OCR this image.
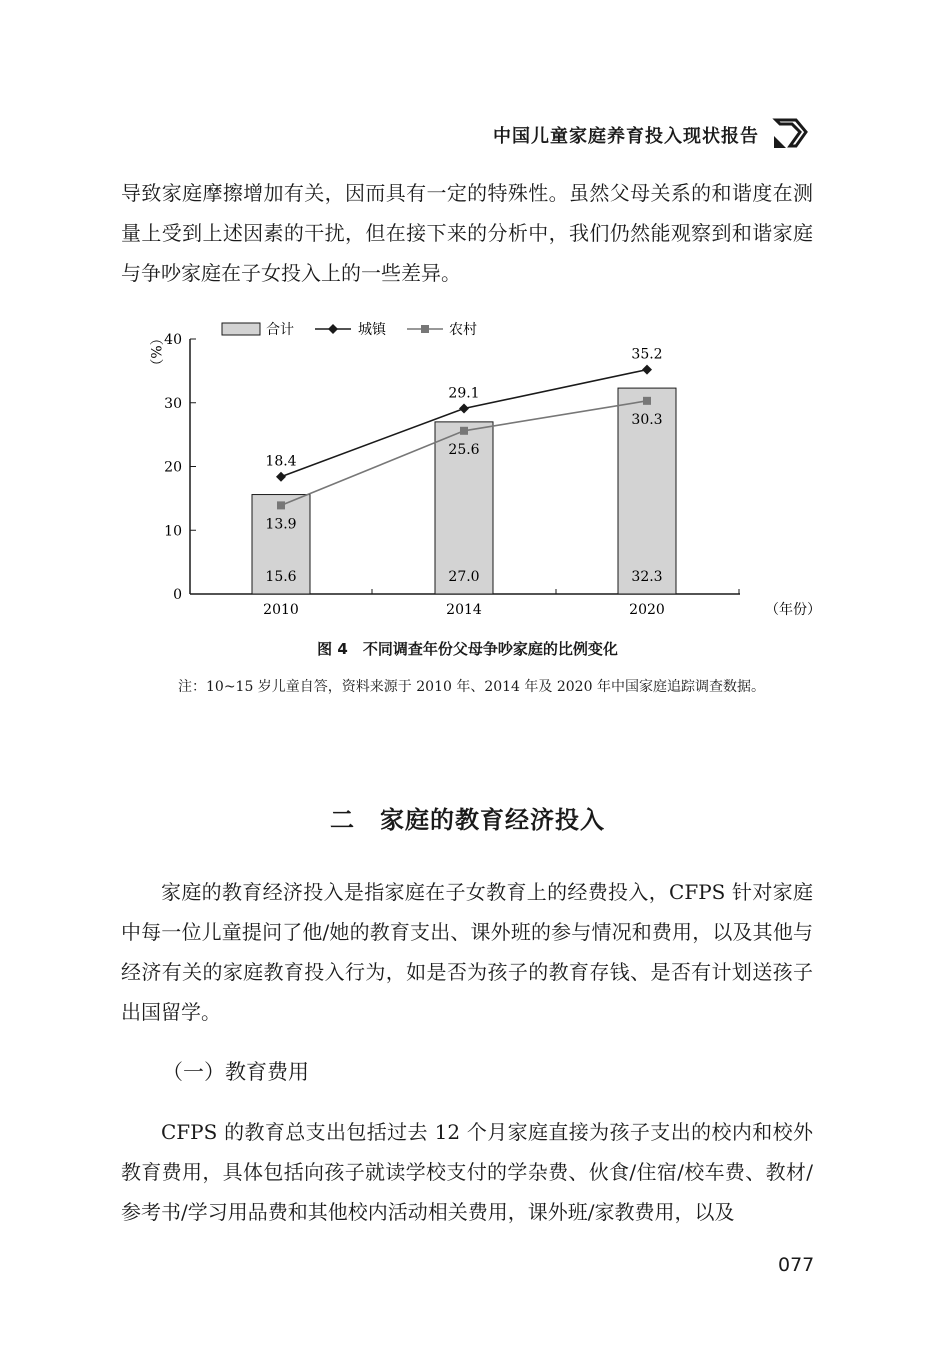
中国儿童家庭养育投入现状报告

导致家庭摩擦增加有关，因而具有一定的特殊性。虽然父母关系的和谐度在测量上受到上述因素的干扰，但在接下来的分析中，我们仍然能观察到和谐家庭与争吵家庭在子女投入上的一些差异。

0
10
20
30
40
（%）
（年份）
15.6	27.0	32.3
18.4
29.1
35.2
13.9
25.6
30.3
2010	2014	2020
合计	城镇	农村
图 4　不同调查年份父母争吵家庭的比例变化

注：10~15 岁儿童自答，资料来源于 2010 年、2014 年及 2020 年中国家庭追踪调查数据。

二　家庭的教育经济投入

家庭的教育经济投入是指家庭在子女教育上的经费投入，CFPS 针对家庭中每一位儿童提问了他/她的教育支出、课外班的参与情况和费用，以及其他与经济有关的家庭教育投入行为，如是否为孩子的教育存钱、是否有计划送孩子出国留学。

（一）教育费用

CFPS 的教育总支出包括过去 12 个月家庭直接为孩子支出的校内和校外教育费用，具体包括向孩子就读学校支付的学杂费、伙食/住宿/校车费、教材/参考书/学习用品费和其他校内活动相关费用，课外班/家教费用，以及

077
